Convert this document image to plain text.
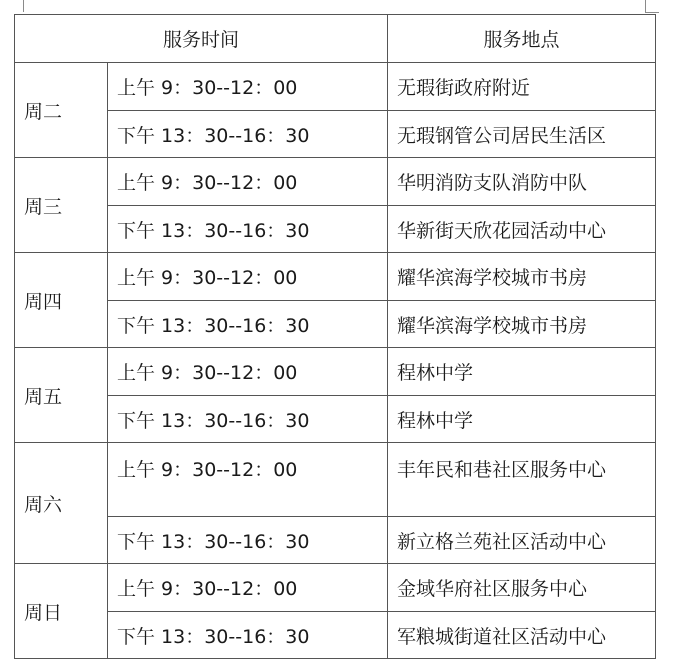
服务时间		服务地点
周二	上午 9：30--12：00	无瑕街政府附近
	下午 13：30--16：30	无瑕钢管公司居民生活区
周三	上午 9：30--12：00	华明消防支队消防中队
	下午 13：30--16：30	华新街天欣花园活动中心
周四	上午 9：30--12：00	耀华滨海学校城市书房
	下午 13：30--16：30	耀华滨海学校城市书房
周五	上午 9：30--12：00	程林中学
	下午 13：30--16：30	程林中学
周六	上午 9：30--12：00	丰年民和巷社区服务中心
	下午 13：30--16：30	新立格兰苑社区活动中心
周日	上午 9：30--12：00	金域华府社区服务中心
	下午 13：30--16：30	军粮城街道社区活动中心
